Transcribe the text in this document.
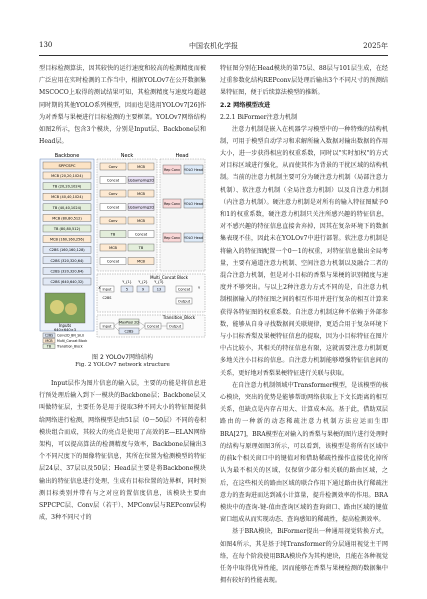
130	中国农机化学报	2025年

型目标检测算法，因其较快的运行速度和较高的检测精度而被广泛应用在实时检测的工作当中，根据YOLOv7在公开数据集MSCOCO上取得的测试结果可知，其检测精度与速度均超越同时期的其他YOLO系列模型，因而也是选用YOLOv7[26]作为对香梨与果梗进行目标检测的主要框架。YOLOv7网络结构如图2所示，包含3个模块，分别是Input层、Backbone层和Head层。

Backbone	Neck	Head
SPPCSPC
MCB (20,20,1024)
TB (20,20,1024)
MCB (40,40,1024)
TB (40,40,1024)
MCB (80,80,512)
TB (80,80,512)
MCB (160,160,256)
C2BS (160,160,128)
C2BS (320,320,64)
C2BS (320,320,64)
C2BS (640,640,32)
Inputs
640×640×3
Conv	MCB
Concat	UpSampling2D
Conv	MCB
Concat	UpSampling2D
Conv	MCB
TB	Concat
MCB	TB
Concat	MCB
Rep Conv YOLO Head
Rep Conv YOLO Head
Rep Conv YOLO Head
Multi_Concat Block
Input	5
Y_{1}
9
Y_{2}
13
Y_{3}
C2BS
X	Y
Concat
Output
Transition_Block
Input
MaxPool 2D
C2BS
Concat	Output
C2BS Conv2D_BN_SiLU
MCB Multi_Concat Block
TB	Transition_Block
图 2 YOLOv7网络结构
Fig. 2 YOLOv7 network structure

Input层作为图片信息的输入层，主要的功能是将信息进行预处理后输入到下一模块的Backbone层；Backbone层又叫做特征层，主要任务是用于提取3种不同大小的特征图提供给网络进行检测，网络模型是由51层（0～50层）不同的卷积模块组合而成，其较大的亮点是使用了高效的E—ELAN网络架构，可以提高算法的检测精度与效率，Backbone层输出3个不同尺度下的图像特征信息，其所在位置为检测模型的特征层24层、37层以及50层；Head层主要是将Backbone模块输出的特征信息进行处理，生成有目标位置的边界框，同时预测目标类别并带有与之对应的置信度信息，该模块主要由SPPCPC层、Conv层（若干）、MPConv层与REPconv层构成，3种不同尺寸的

特征图分别在Head模块的第75层、88层与101层生成，在经过重参数化结构REPconv层处理后输出3个不同尺寸的预测结果特征图，便于后续算法模型的推断。

2.2 网络模型改进

2.2.1 BiFormer注意力机制

注意力机制是嵌入在机器学习模型中的一种特殊的结构机制，可用于模型自动学习和求解所输入数据对输出数据的作用大小，进一步获得相应的权重系数，同时以"实时加权"的方式对目标区域进行强化，从而使其作为背景的干扰区域的结构机制。当前的注意力机制主要可分为硬注意力机制（局部注意力机制）、软注意力机制（全局注意力机制）以及自注意力机制（内注意力机制）。硬注意力机制是对所有的输入特征图赋予0和1的权重系数，硬注意力机制只关注所感兴趣的特征信息，对不感兴趣的特征信息直接舍弃掉，因其在复杂环境下的数据集表现不佳，因此未在YOLOv7中进行部署。软注意力机制是将输入的特征图配置一个0～1的权重，对特征信息做出全局考量，主要有通道注意力机制、空间注意力机制以及融合二者的混合注意力机制，但是对小目标的香梨与果梗的识别精度与速度并不够突出。与以上2种注意力方式不同的是，自注意力机制根据输入的特征图之间的相互作用并进行复杂的相互计算来获得各特征图的权重系数。自注意力机制这种不依赖于外部参数，能够从自身寻找数据间关联规律，更适合用于复杂环境下与小目标香梨及果梗特征信息的提取，因为小目标特征在图片中占比较小，其相关的特征信息有限，这就需要注意力机制更多地关注小目标的信息。自注意力机制能够增强特征信息间的关系，更好地对香梨果梗特征进行关联与获取。

在自注意力机制领域中Transformer模型，是该模型的核心模块，突出的优势是能够帮助网络获取上下文长距离的相互关系，但缺点是内存占用大、计算成本高。基于此，借助双层路由的一种新的动态稀疏注意力机制方法应运而生即BRA[27]，BRA模型在对输入的香梨与果梗的图片进行处理时的结构与原理如图3所示，可以看到，该模型是将所有区域中的前k个相关窗口中的键值对和借助稀疏性操作直接优化掉所认为最不相关的区域，仅保留少部分相关联的路由区域，之后，在这些相关的路由区域的联合作用下通过路由执行稀疏注意力的查询进而达到减小计算量，提升检测效率的作用。BRA模块中的查询-键-值由查询区域的查询窗口、路由区域的键值窗口组成从而实现动态、查询感知的稀疏性，提高检测效率。

基于BRA模块，BiFormer提出一种通用视觉转换方式，如图4所示，其是基于纯Transformer的分层通用视觉主干网络，在每个阶段使用BRA模块作为其构建块，且能在各种视觉任务中取得优异性能，因而能够在香梨与果梗检测的数据集中拥有较好的性能表现。
